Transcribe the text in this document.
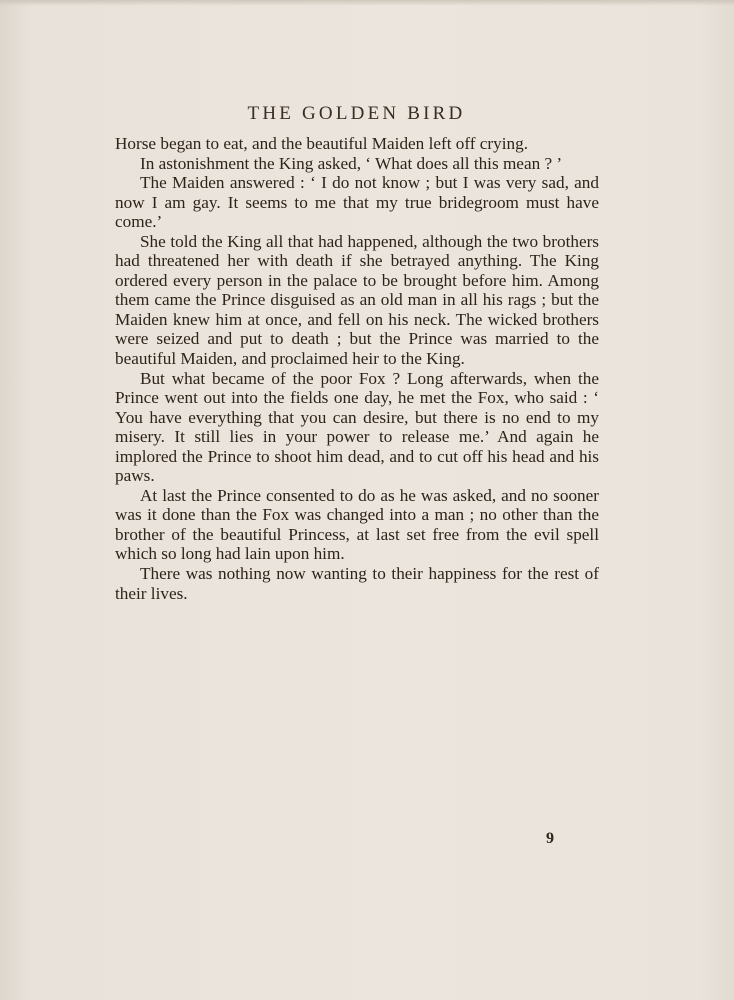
THE GOLDEN BIRD

Horse began to eat, and the beautiful Maiden left off crying.

In astonishment the King asked, ‘ What does all this mean ? ’

The Maiden answered : ‘ I do not know ; but I was very sad, and now I am gay. It seems to me that my true bridegroom must have come.’

She told the King all that had happened, although the two brothers had threatened her with death if she betrayed anything. The King ordered every person in the palace to be brought before him. Among them came the Prince disguised as an old man in all his rags ; but the Maiden knew him at once, and fell on his neck. The wicked brothers were seized and put to death ; but the Prince was married to the beautiful Maiden, and proclaimed heir to the King.

But what became of the poor Fox ? Long afterwards, when the Prince went out into the fields one day, he met the Fox, who said : ‘ You have everything that you can desire, but there is no end to my misery. It still lies in your power to release me.’ And again he implored the Prince to shoot him dead, and to cut off his head and his paws.

At last the Prince consented to do as he was asked, and no sooner was it done than the Fox was changed into a man ; no other than the brother of the beautiful Princess, at last set free from the evil spell which so long had lain upon him.

There was nothing now wanting to their happiness for the rest of their lives.

9
